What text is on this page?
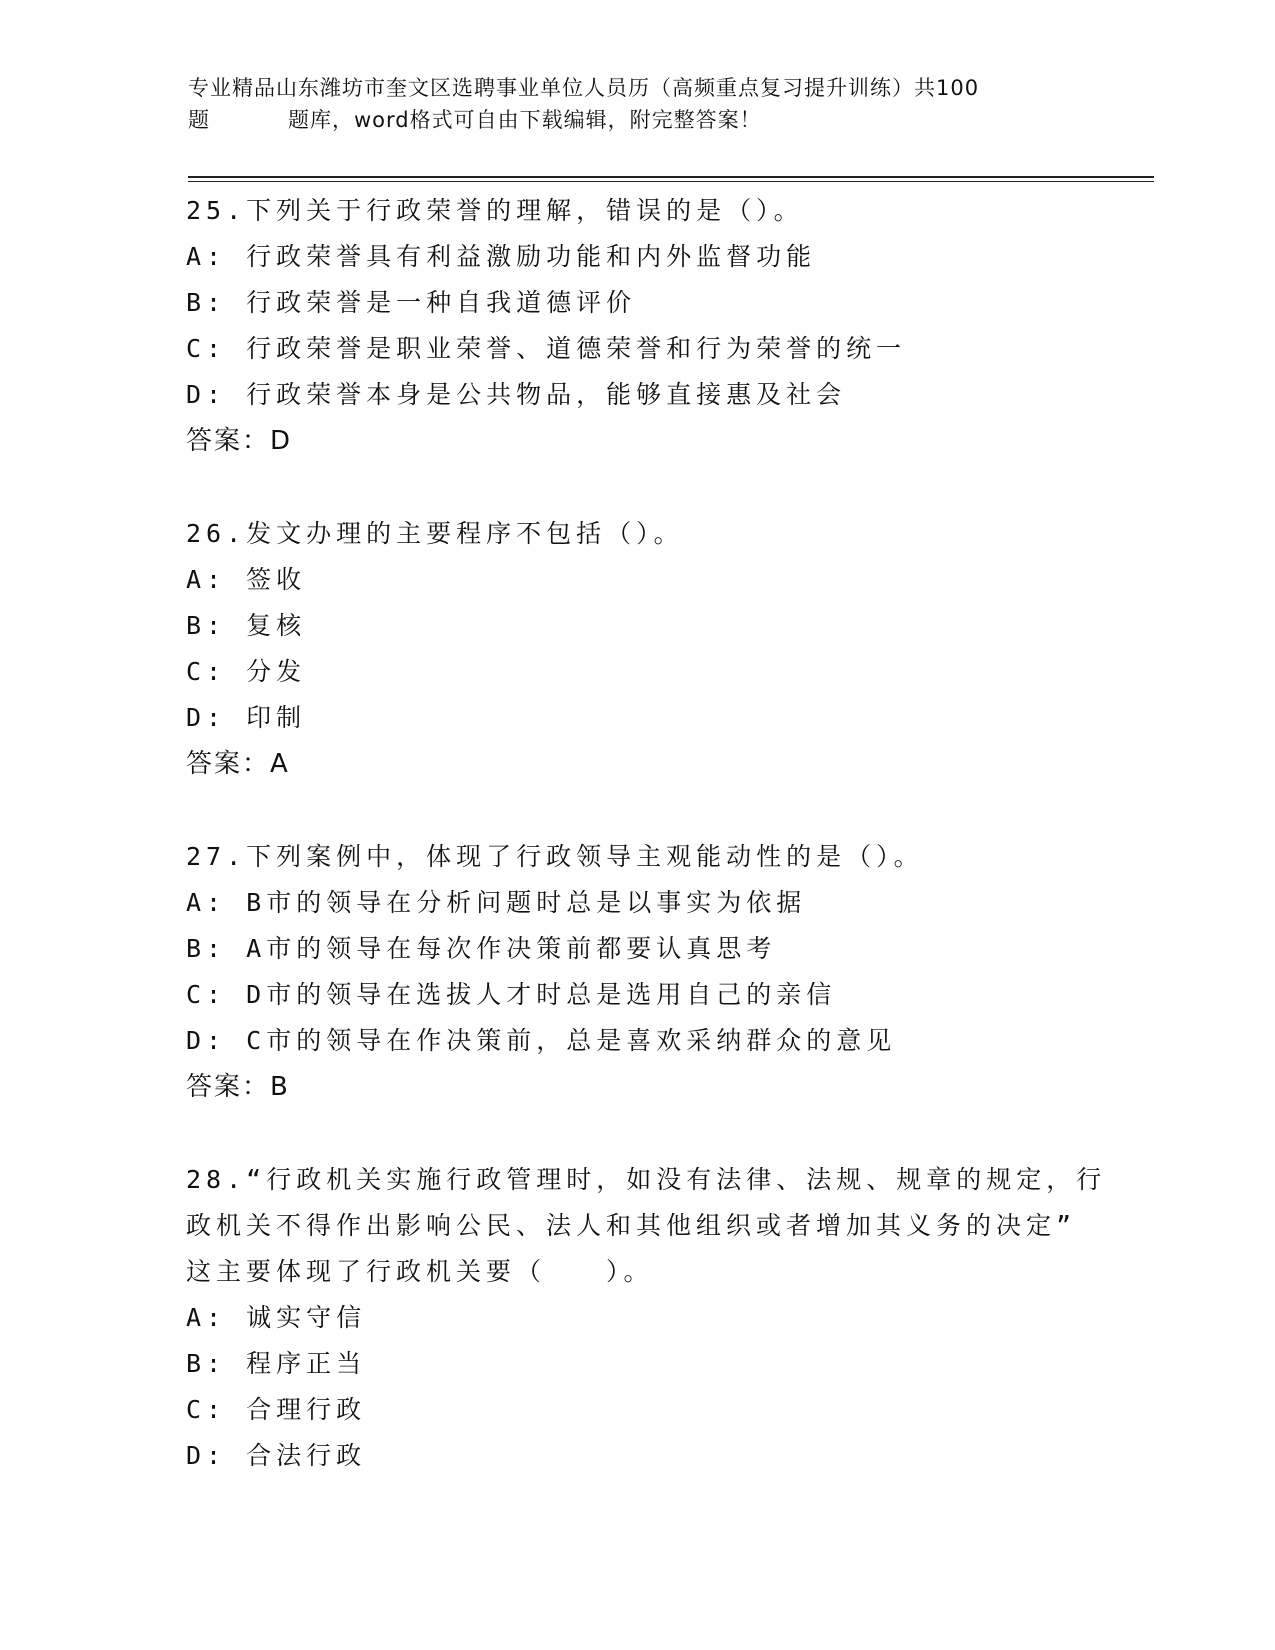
专业精品山东潍坊市奎文区选聘事业单位人员历（高频重点复习提升训练）共100
题	题库，word格式可自由下载编辑，附完整答案！
25.下列关于行政荣誉的理解，错误的是（）。
A: 行政荣誉具有利益激励功能和内外监督功能
B: 行政荣誉是一种自我道德评价
C: 行政荣誉是职业荣誉、道德荣誉和行为荣誉的统一
D: 行政荣誉本身是公共物品，能够直接惠及社会
答案：D
26.发文办理的主要程序不包括（）。
A: 签收
B: 复核
C: 分发
D: 印制
答案：A
27.下列案例中，体现了行政领导主观能动性的是（）。
A: B市的领导在分析问题时总是以事实为依据
B: A市的领导在每次作决策前都要认真思考
C: D市的领导在选拔人才时总是选用自己的亲信
D: C市的领导在作决策前，总是喜欢采纳群众的意见
答案：B
28.“行政机关实施行政管理时，如没有法律、法规、规章的规定，行
政机关不得作出影响公民、法人和其他组织或者增加其义务的决定”
这主要体现了行政机关要（　　）。
A: 诚实守信
B: 程序正当
C: 合理行政
D: 合法行政
